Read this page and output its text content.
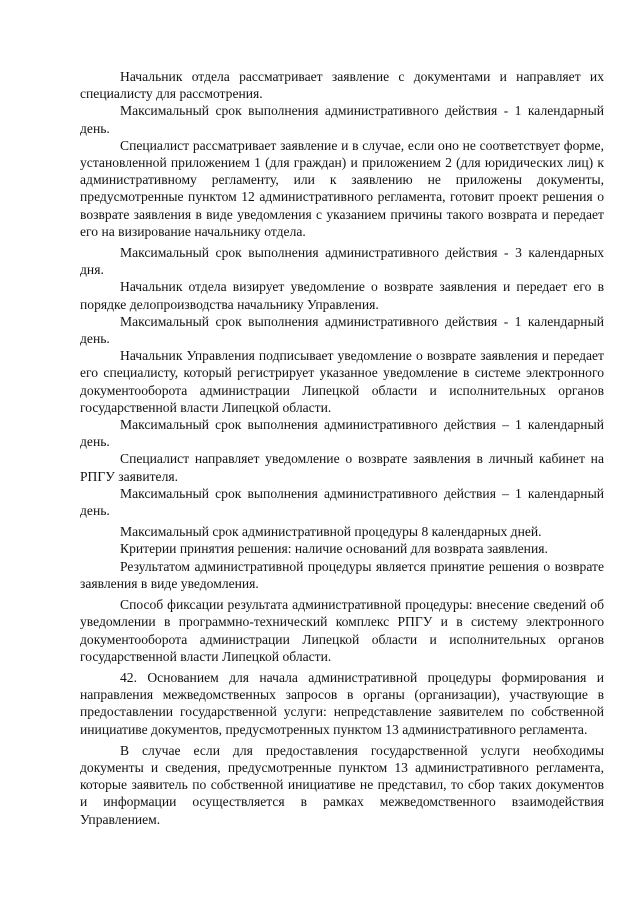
Начальник отдела рассматривает заявление с документами и направляет их специалисту для рассмотрения.

Максимальный срок выполнения административного действия - 1 календарный день.

Специалист рассматривает заявление и в случае, если оно не соответствует форме, установленной приложением 1 (для граждан) и приложением 2 (для юридических лиц) к административному регламенту, или к заявлению не приложены документы, предусмотренные пунктом 12 административного регламента, готовит проект решения о возврате заявления в виде уведомления с указанием причины такого возврата и передает его на визирование начальнику отдела.

Максимальный срок выполнения административного действия - 3 календарных дня.

Начальник отдела визирует уведомление о возврате заявления и передает его в порядке делопроизводства начальнику Управления.

Максимальный срок выполнения административного действия - 1 календарный день.

Начальник Управления подписывает уведомление о возврате заявления и передает его специалисту, который регистрирует указанное уведомление в системе электронного документооборота администрации Липецкой области и исполнительных органов государственной власти Липецкой области.

Максимальный срок выполнения административного действия – 1 календарный день.

Специалист направляет уведомление о возврате заявления в личный кабинет на РПГУ заявителя.

Максимальный срок выполнения административного действия – 1 календарный день.

Максимальный срок административной процедуры 8 календарных дней.

Критерии принятия решения: наличие оснований для возврата заявления.

Результатом административной процедуры является принятие решения о возврате заявления в виде уведомления.

Способ фиксации результата административной процедуры: внесение сведений об уведомлении в программно-технический комплекс РПГУ и в систему электронного документооборота администрации Липецкой области и исполнительных органов государственной власти Липецкой области.

42. Основанием для начала административной процедуры формирования и направления межведомственных запросов в органы (организации), участвующие в предоставлении государственной услуги: непредставление заявителем по собственной инициативе документов, предусмотренных пунктом 13 административного регламента.

В случае если для предоставления государственной услуги необходимы документы и сведения, предусмотренные пунктом 13 административного регламента, которые заявитель по собственной инициативе не представил, то сбор таких документов и информации осуществляется в рамках межведомственного взаимодействия Управлением.
